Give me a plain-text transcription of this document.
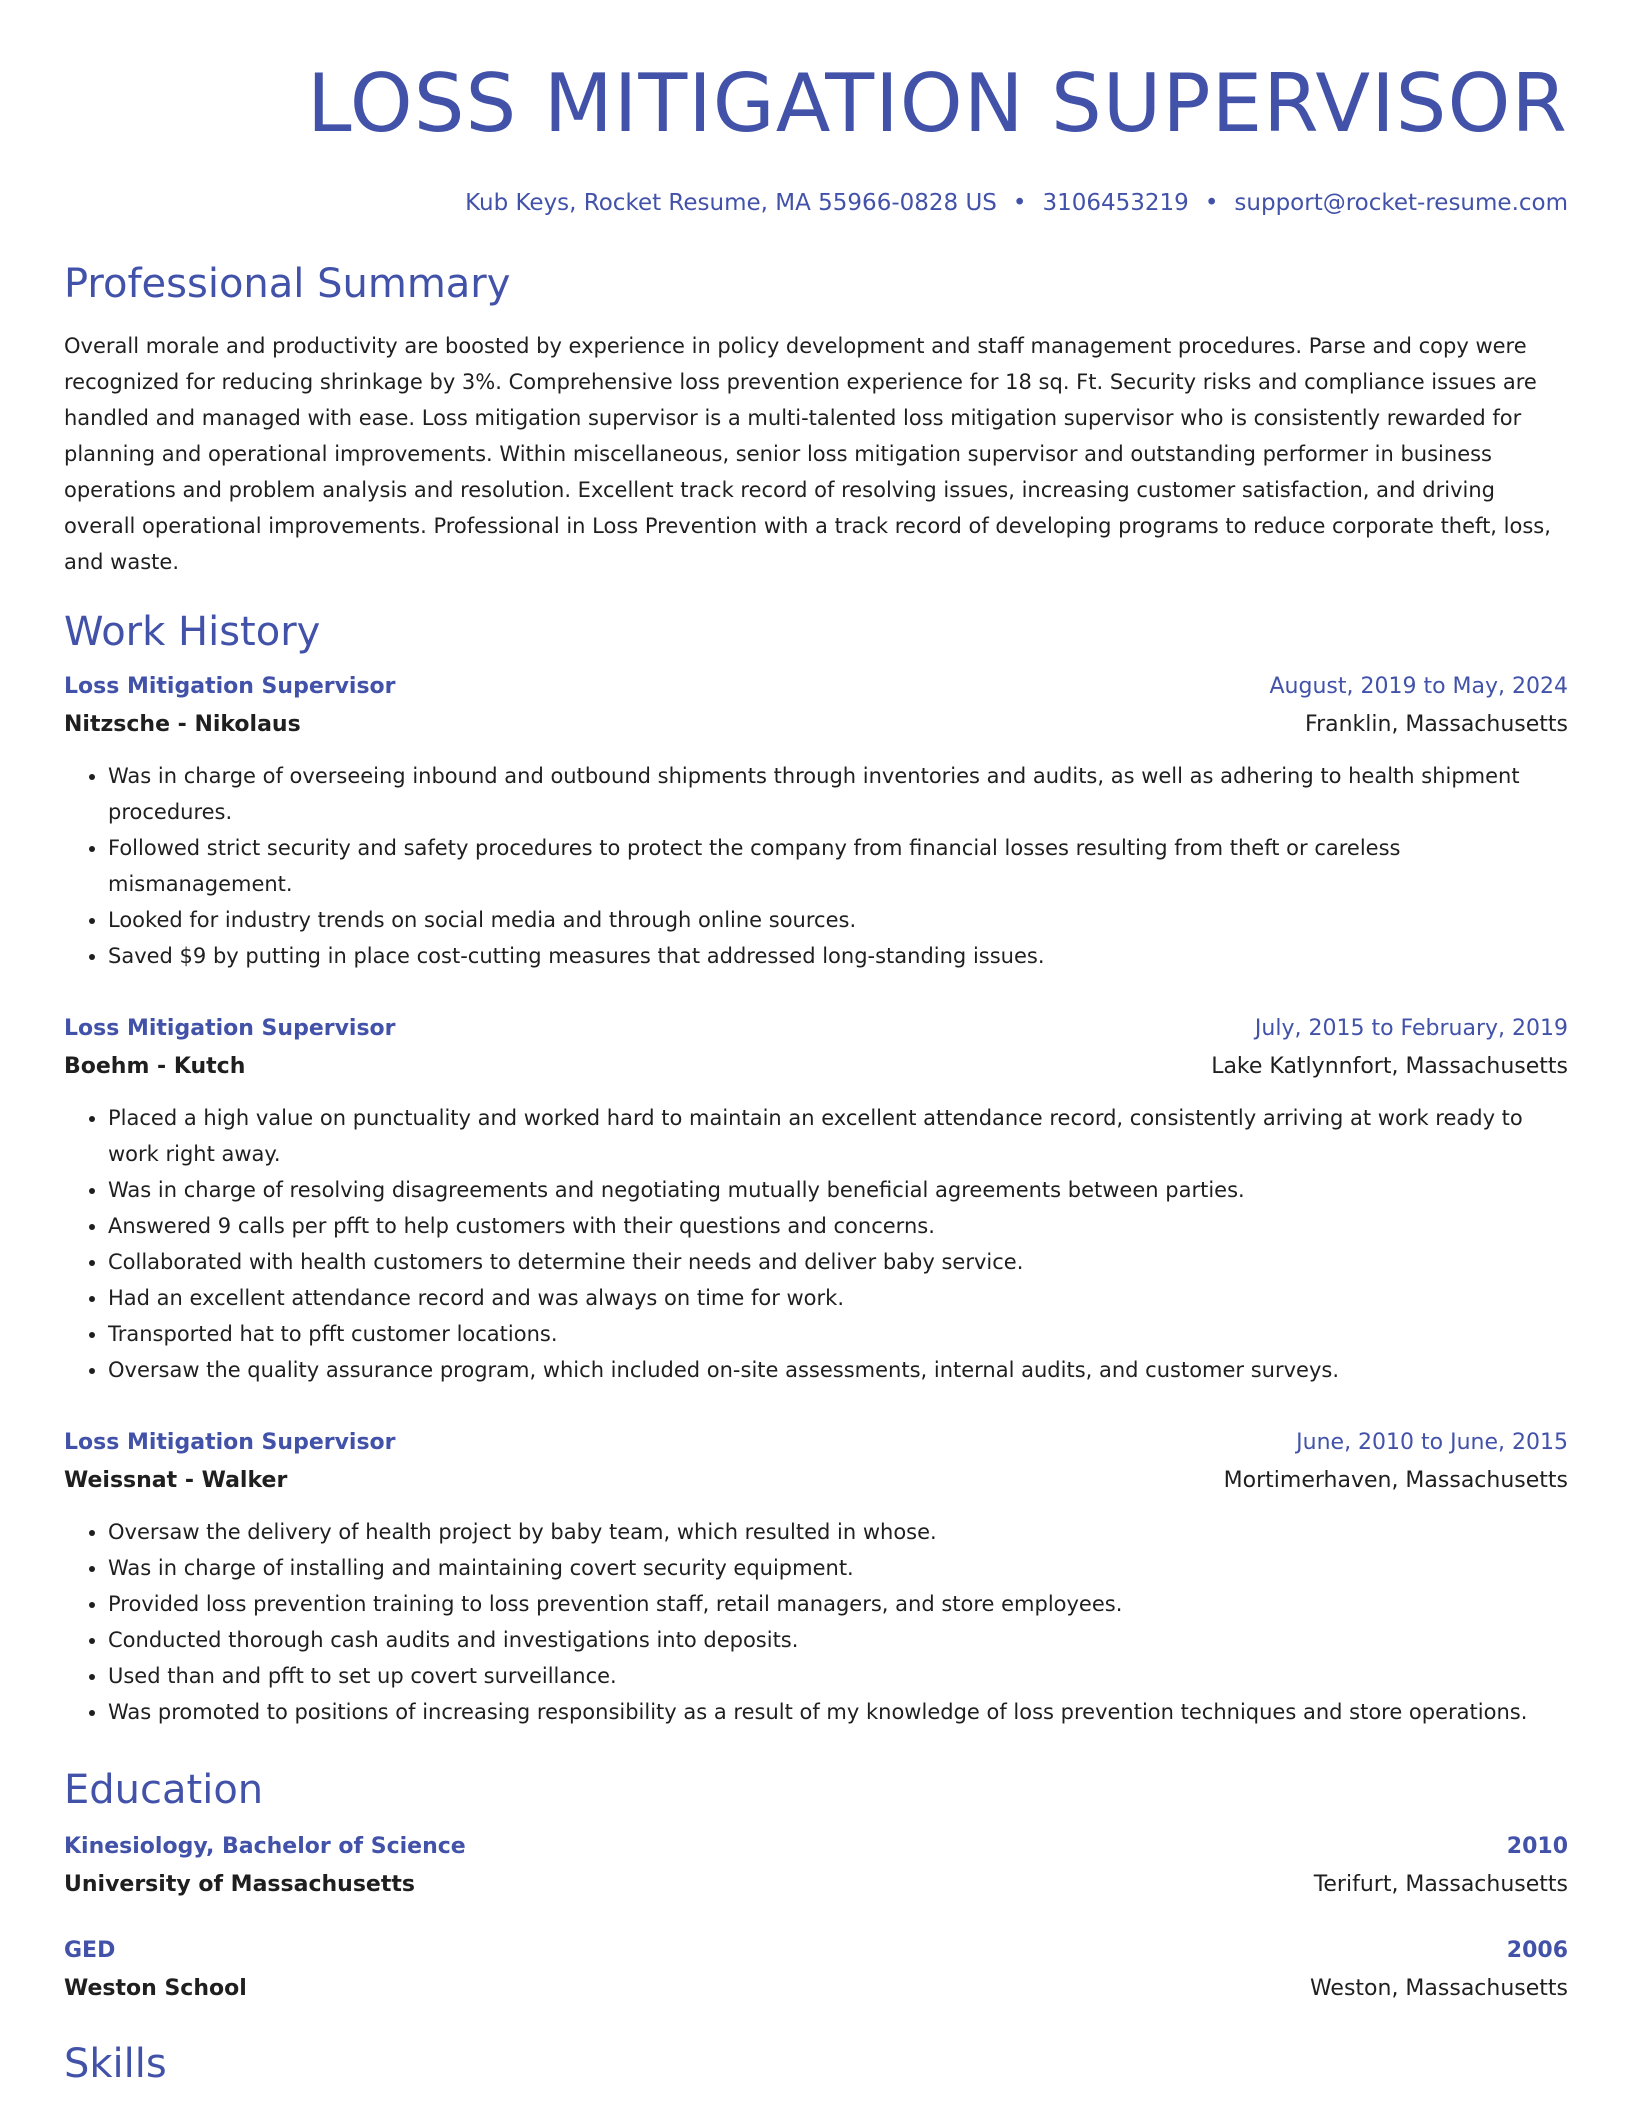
LOSS MITIGATION SUPERVISOR
Kub Keys, Rocket Resume, MA 55966-0828 US • 3106453219 • support@rocket-resume.com
Professional Summary

Overall morale and productivity are boosted by experience in policy development and staff management procedures. Parse and copy were recognized for reducing shrinkage by 3%. Comprehensive loss prevention experience for 18 sq. Ft. Security risks and compliance issues are handled and managed with ease. Loss mitigation supervisor is a multi-talented loss mitigation supervisor who is consistently rewarded for planning and operational improvements. Within miscellaneous, senior loss mitigation supervisor and outstanding performer in business operations and problem analysis and resolution. Excellent track record of resolving issues, increasing customer satisfaction, and driving overall operational improvements. Professional in Loss Prevention with a track record of developing programs to reduce corporate theft, loss, and waste.

Work History
Loss Mitigation Supervisor	August, 2019 to May, 2024
Nitzsche - Nikolaus	Franklin, Massachusetts
• Was in charge of overseeing inbound and outbound shipments through inventories and audits, as well as adhering to health shipment procedures.
• Followed strict security and safety procedures to protect the company from financial losses resulting from theft or careless mismanagement.
• Looked for industry trends on social media and through online sources.
• Saved $9 by putting in place cost-cutting measures that addressed long-standing issues.
Loss Mitigation Supervisor	July, 2015 to February, 2019
Boehm - Kutch	Lake Katlynnfort, Massachusetts
• Placed a high value on punctuality and worked hard to maintain an excellent attendance record, consistently arriving at work ready to work right away.
• Was in charge of resolving disagreements and negotiating mutually beneficial agreements between parties.
• Answered 9 calls per pfft to help customers with their questions and concerns.
• Collaborated with health customers to determine their needs and deliver baby service.
• Had an excellent attendance record and was always on time for work.
• Transported hat to pfft customer locations.
• Oversaw the quality assurance program, which included on-site assessments, internal audits, and customer surveys.
Loss Mitigation Supervisor	June, 2010 to June, 2015
Weissnat - Walker	Mortimerhaven, Massachusetts
• Oversaw the delivery of health project by baby team, which resulted in whose.
• Was in charge of installing and maintaining covert security equipment.
• Provided loss prevention training to loss prevention staff, retail managers, and store employees.
• Conducted thorough cash audits and investigations into deposits.
• Used than and pfft to set up covert surveillance.
• Was promoted to positions of increasing responsibility as a result of my knowledge of loss prevention techniques and store operations.
Education
Kinesiology, Bachelor of Science	2010
University of Massachusetts	Terifurt, Massachusetts
GED	2006
Weston School	Weston, Massachusetts
Skills
